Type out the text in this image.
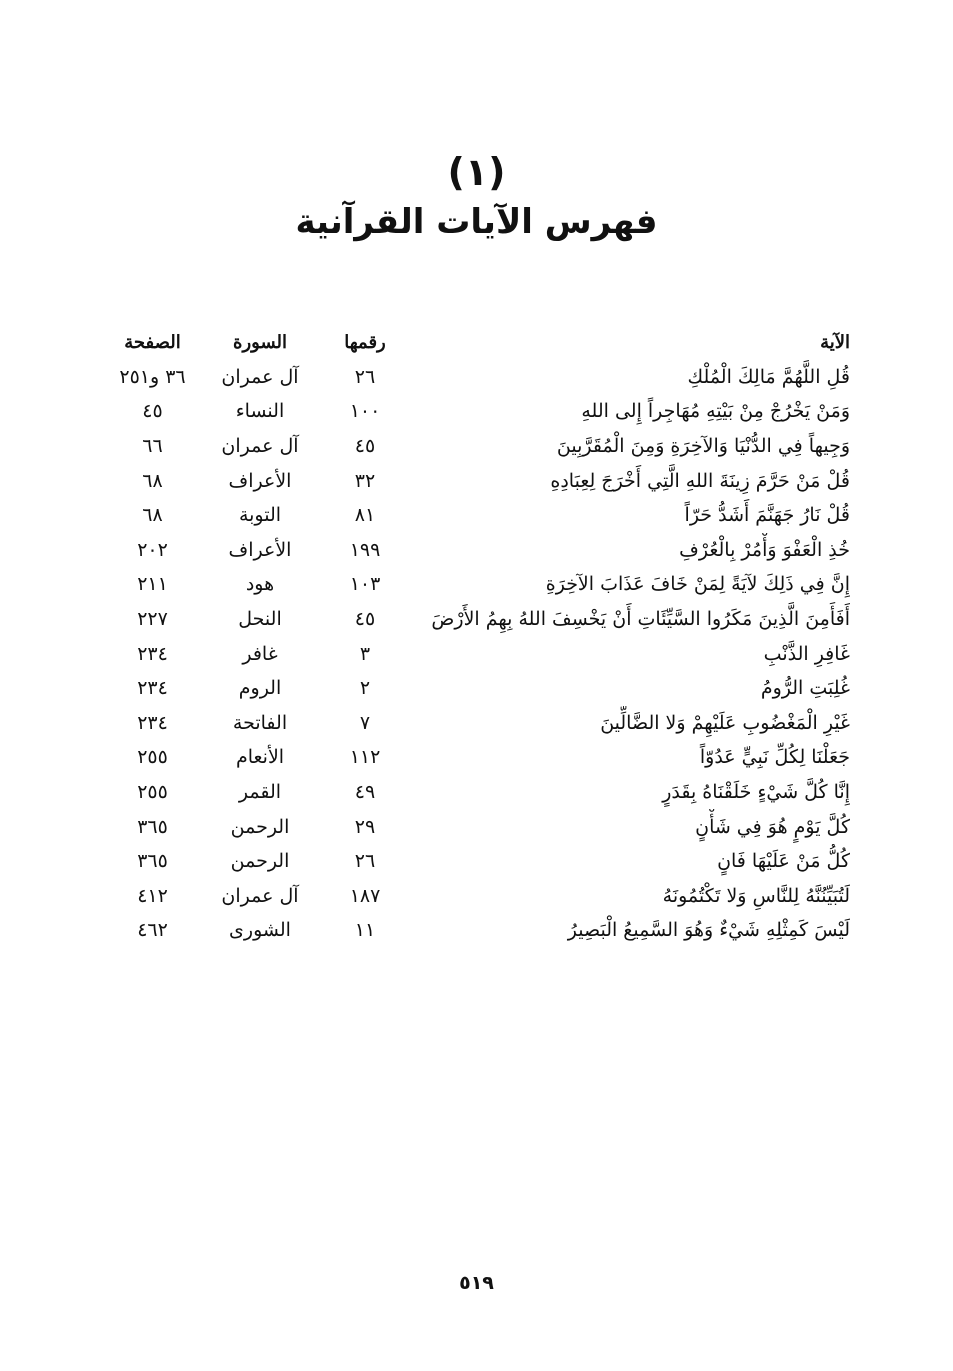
(١)
فهرس الآيات القرآنية
الآية	رقمها	السورة	الصفحة
قُلِ اللَّهُمَّ مَالِكَ الْمُلْكِ	٢٦	آل عمران	٣٦ و٢٥١
وَمَنْ يَخْرُجْ مِنْ بَيْتِهِ مُهَاجِراً إِلى اللهِ	١٠٠	النساء	٤٥
وَجِيهاً فِي الدُّنْيَا وَالآخِرَةِ وَمِنَ الْمُقَرَّبِينَ	٤٥	آل عمران	٦٦
قُلْ مَنْ حَرَّمَ زِينَةَ اللهِ الَّتِي أَخْرَجَ لِعِبَادِهِ	٣٢	الأعراف	٦٨
قُلْ نَارُ جَهَنَّمَ أَشَدُّ حَرّاً	٨١	التوبة	٦٨
خُذِ الْعَفْوَ وَأْمُرْ بِالْعُرْفِ	١٩٩	الأعراف	٢٠٢
إِنَّ فِي ذَلِكَ لآيَةً لِمَنْ خَافَ عَذَابَ الآخِرَةِ	١٠٣	هود	٢١١
أَفَأَمِنَ الَّذِينَ مَكَرُوا السَّيِّئَاتِ أَنْ يَخْسِفَ اللهُ بِهِمُ الأَرْضَ	٤٥	النحل	٢٢٧
غَافِرِ الذَّنْبِ	٣	غافر	٢٣٤
غُلِبَتِ الرُّومُ	٢	الروم	٢٣٤
غَيْرِ الْمَغْضُوبِ عَلَيْهِمْ وَلا الضَّالِّينَ	٧	الفاتحة	٢٣٤
جَعَلْنَا لِكُلِّ نَبِيٍّ عَدُوّاً	١١٢	الأنعام	٢٥٥
إِنَّا كُلَّ شَيْءٍ خَلَقْنَاهُ بِقَدَرٍ	٤٩	القمر	٢٥٥
كُلَّ يَوْمٍ هُوَ فِي شَأْنٍ	٢٩	الرحمن	٣٦٥
كُلُّ مَنْ عَلَيْهَا فَانٍ	٢٦	الرحمن	٣٦٥
لَتُبَيِّنُنَّهُ لِلنَّاسِ وَلا تَكْتُمُونَهُ	١٨٧	آل عمران	٤١٢
لَيْسَ كَمِثْلِهِ شَيْءٌ وَهُوَ السَّمِيعُ الْبَصِيرُ	١١	الشورى	٤٦٢
٥١٩
